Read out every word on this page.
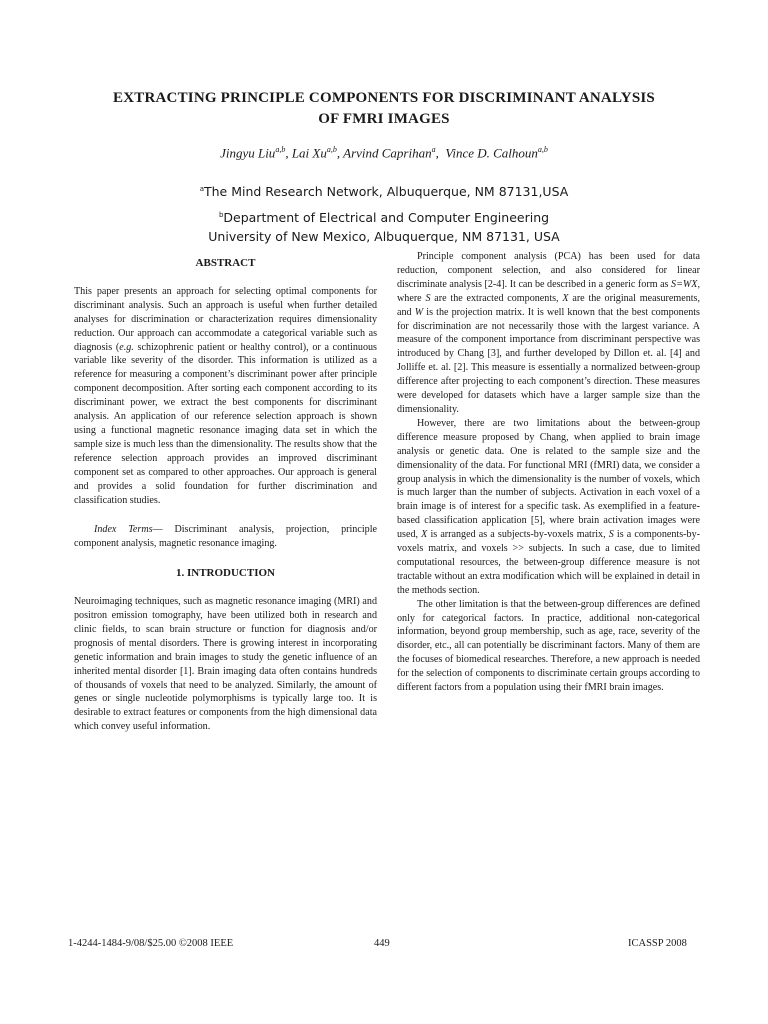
EXTRACTING PRINCIPLE COMPONENTS FOR DISCRIMINANT ANALYSIS
OF FMRI IMAGES
Jingyu Liu$^{a,b}$, Lai Xu$^{a,b}$, Arvind Caprihan$^a$,  Vince D. Calhoun$^{a,b}$
$^a$The Mind Research Network, Albuquerque, NM 87131,USA
$^b$Department of Electrical and Computer Engineering
University of New Mexico, Albuquerque, NM 87131, USA
ABSTRACT

This paper presents an approach for selecting optimal components for discriminant analysis. Such an approach is useful when further detailed analyses for discrimination or characterization requires dimensionality reduction. Our approach can accommodate a categorical variable such as diagnosis (e.g. schizophrenic patient or healthy control), or a continuous variable like severity of the disorder. This information is utilized as a reference for measuring a component’s discriminant power after principle component decomposition. After sorting each component according to its discriminant power, we extract the best components for discriminant analysis. An application of our reference selection approach is shown using a functional magnetic resonance imaging data set in which the sample size is much less than the dimensionality. The results show that the reference selection approach provides an improved discriminant component set as compared to other approaches. Our approach is general and provides a solid foundation for further discrimination and classification studies.

Index Terms— Discriminant analysis, projection, principle component analysis, magnetic resonance imaging.

1. INTRODUCTION

Neuroimaging techniques, such as magnetic resonance imaging (MRI) and positron emission tomography, have been utilized both in research and clinic fields, to scan brain structure or function for diagnosis and/or prognosis of mental disorders. There is growing interest in incorporating genetic information and brain images to study the genetic influence of an inherited mental disorder [1]. Brain imaging data often contains hundreds of thousands of voxels that need to be analyzed. Similarly, the amount of genes or single nucleotide polymorphisms is typically large too. It is desirable to extract features or components from the high dimensional data which convey useful information.

Principle component analysis (PCA) has been used for data reduction, component selection, and also considered for linear discriminate analysis [2-4]. It can be described in a generic form as S=WX, where S are the extracted components, X are the original measurements, and W is the projection matrix. It is well known that the best components for discrimination are not necessarily those with the largest variance. A measure of the component importance from discriminant perspective was introduced by Chang [3], and further developed by Dillon et. al. [4] and Jolliffe et. al. [2]. This measure is essentially a normalized between-group difference after projecting to each component’s direction. These measures were developed for datasets which have a larger sample size than the dimensionality.

However, there are two limitations about the between-group difference measure proposed by Chang, when applied to brain image analysis or genetic data. One is related to the sample size and the dimensionality of the data. For functional MRI (fMRI) data, we consider a group analysis in which the dimensionality is the number of voxels, which is much larger than the number of subjects. Activation in each voxel of a brain image is of interest for a specific task. As exemplified in a feature-based classification application [5], where brain activation images were used, X is arranged as a subjects-by-voxels matrix, S is a components-by-voxels matrix, and voxels >> subjects. In such a case, due to limited computational resources, the between-group difference measure is not tractable without an extra modification which will be explained in detail in the methods section.

The other limitation is that the between-group differences are defined only for categorical factors. In practice, additional non-categorical information, beyond group membership, such as age, race, severity of the disorder, etc., all can potentially be discriminant factors. Many of them are the focuses of biomedical researches. Therefore, a new approach is needed for the selection of components to discriminate certain groups according to different factors from a population using their fMRI brain images.

1-4244-1484-9/08/$25.00 ©2008 IEEE	449	ICASSP 2008
